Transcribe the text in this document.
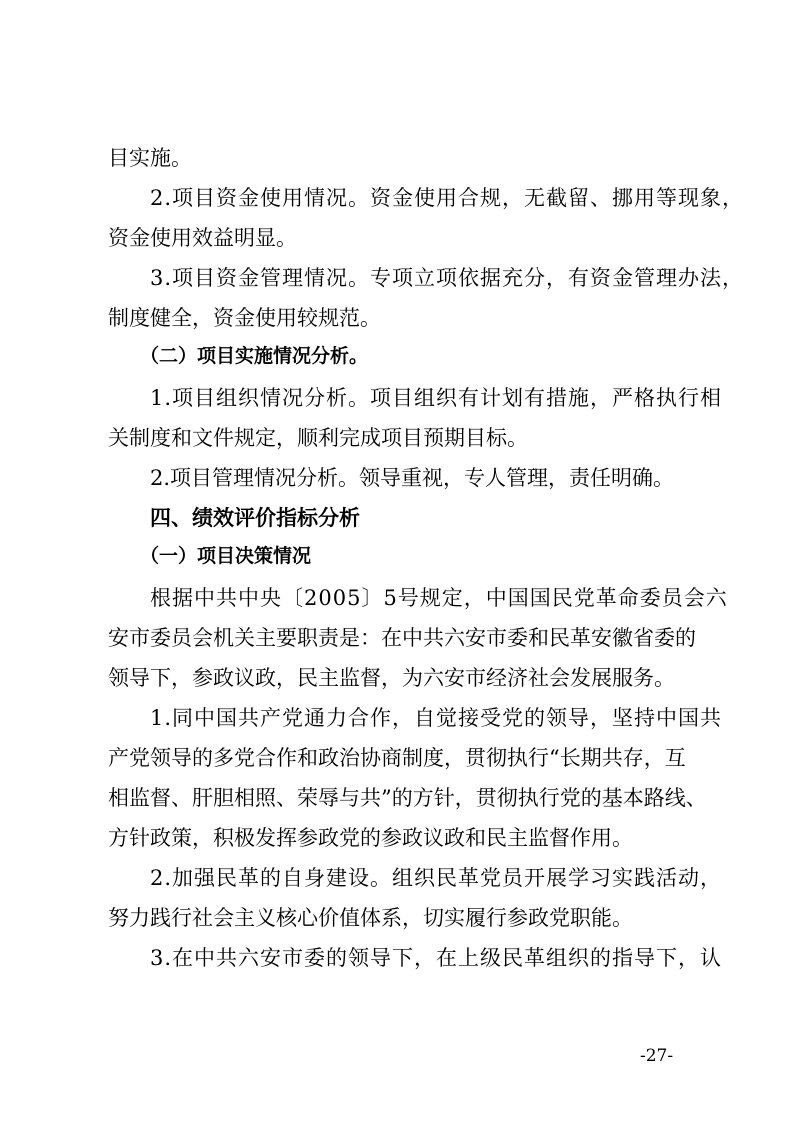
目实施。

2.项目资金使用情况。资金使用合规，无截留、挪用等现象，

资金使用效益明显。

3.项目资金管理情况。专项立项依据充分，有资金管理办法，

制度健全，资金使用较规范。

（二）项目实施情况分析。

1.项目组织情况分析。项目组织有计划有措施，严格执行相

关制度和文件规定，顺利完成项目预期目标。

2.项目管理情况分析。领导重视，专人管理，责任明确。

四、绩效评价指标分析

（一）项目决策情况

根据中共中央〔2005〕5号规定，中国国民党革命委员会六

安市委员会机关主要职责是：在中共六安市委和民革安徽省委的

领导下，参政议政，民主监督，为六安市经济社会发展服务。

1.同中国共产党通力合作，自觉接受党的领导，坚持中国共

产党领导的多党合作和政治协商制度，贯彻执行“长期共存，互

相监督、肝胆相照、荣辱与共”的方针，贯彻执行党的基本路线、

方针政策，积极发挥参政党的参政议政和民主监督作用。

2.加强民革的自身建设。组织民革党员开展学习实践活动，

努力践行社会主义核心价值体系，切实履行参政党职能。

3.在中共六安市委的领导下，在上级民革组织的指导下，认

-27-
